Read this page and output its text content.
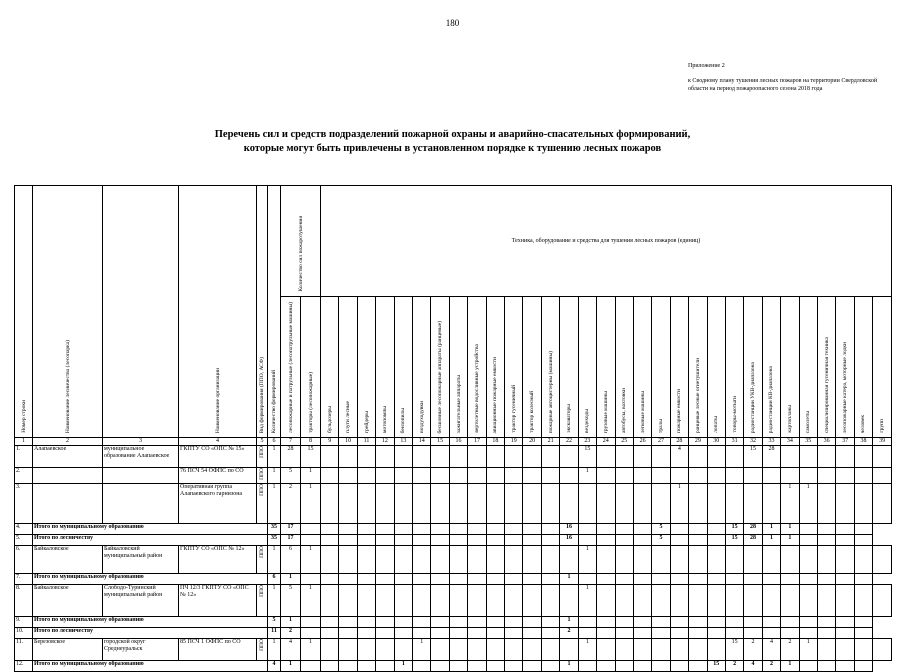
180
Приложение 2
к Сводному плану тушения лесных пожаров на территории Свердловской области на период пожароопасного сезона 2018 года
Перечень сил и средств подразделений пожарной охраны и аварийно-спасательных формирований,
которые могут быть привлечены в установленном порядке к тушению лесных пожаров
Номер строки	Наименование лесничества (лесопарка)		Наименование организации	Вид формирования (ППО, АСФ)	Количество формирований	Количество сил пожаротушения		Техника, оборудование и средства для тушения лесных пожаров (единиц)																														

						лесопожарные и патрульные (лесопатрульные машины)	тракторы (лесопожарные)	бульдозеры	плуги лесные	грейдеры	мотопомпы	бензопилы	воздуходувки	бесшовные лесопожарные аппараты (ранцевые)	зажигательные аппараты	вертолетные водосливные устройства	авиационные пожарные емкости	трактор гусеничный	трактор колесный	пожарные автоцистерны (машины)	экскаваторы	вездеходы	грузовые машины	автобусы, вахтовки	легковые машины	тралы	пожарные емкости	ранцевые лесные огнетушители	лопаты	топоры-мотыги	радиостанции УКВ-диапазона	радиостанции КВ-диапазона	картопланы	самолеты	специализированная гусеничная техника	лесопожарные катера, моторные лодки		

																																					человек	групп

1	2	3	4	5	6	7	8	9	10	11	12	13	14	15	16	17	18	19	20	21	22	23	24	25	26	27	28	29	30	31	32	33	34	35	36	37	38	39
1.	Алапаевское	муниципальное образование Алапаевское	ГКПТУ СО «ОПС № 15»	ППО	1	28	15															15					4				15	28						
2.			76 ПСЧ 54 ОФПС по СО	ППО	1	5	1															1																
3.			Оперативная группа Алапаевского гарнизона	ППО	1	2	1																				1						1	1				
4.	Итого по муниципальному образованию				35	17															16					5				15	28	1	1					
5.	Итого по лесничеству				35	17															16					5				15	28	1	1					
6.	Байкаловское	Байкаловский муниципальный район	ГКПТУ СО «ОПС № 12»	ППО	1	6	1															1																
7.	Итого по муниципальному образованию				6	1															1																	
8.	Байкаловское	Слободо-Туринский муниципальный район	ПЧ 12/3 ГКПТУ СО «ОПС № 12»	ППО	1	5	1															1																
9.	Итого по муниципальному образованию				5	1															1																	
10.	Итого по лесничеству				11	2															2																	
11.	Березовское	городской округ Среднеуральск	85 ПСЧ 1 ОФПС по СО	ППО	1	4	1						1									1								15	2	4	2	1				
12.	Итого по муниципальному образованию				4	1						1									1								15	2	4	2	1					
